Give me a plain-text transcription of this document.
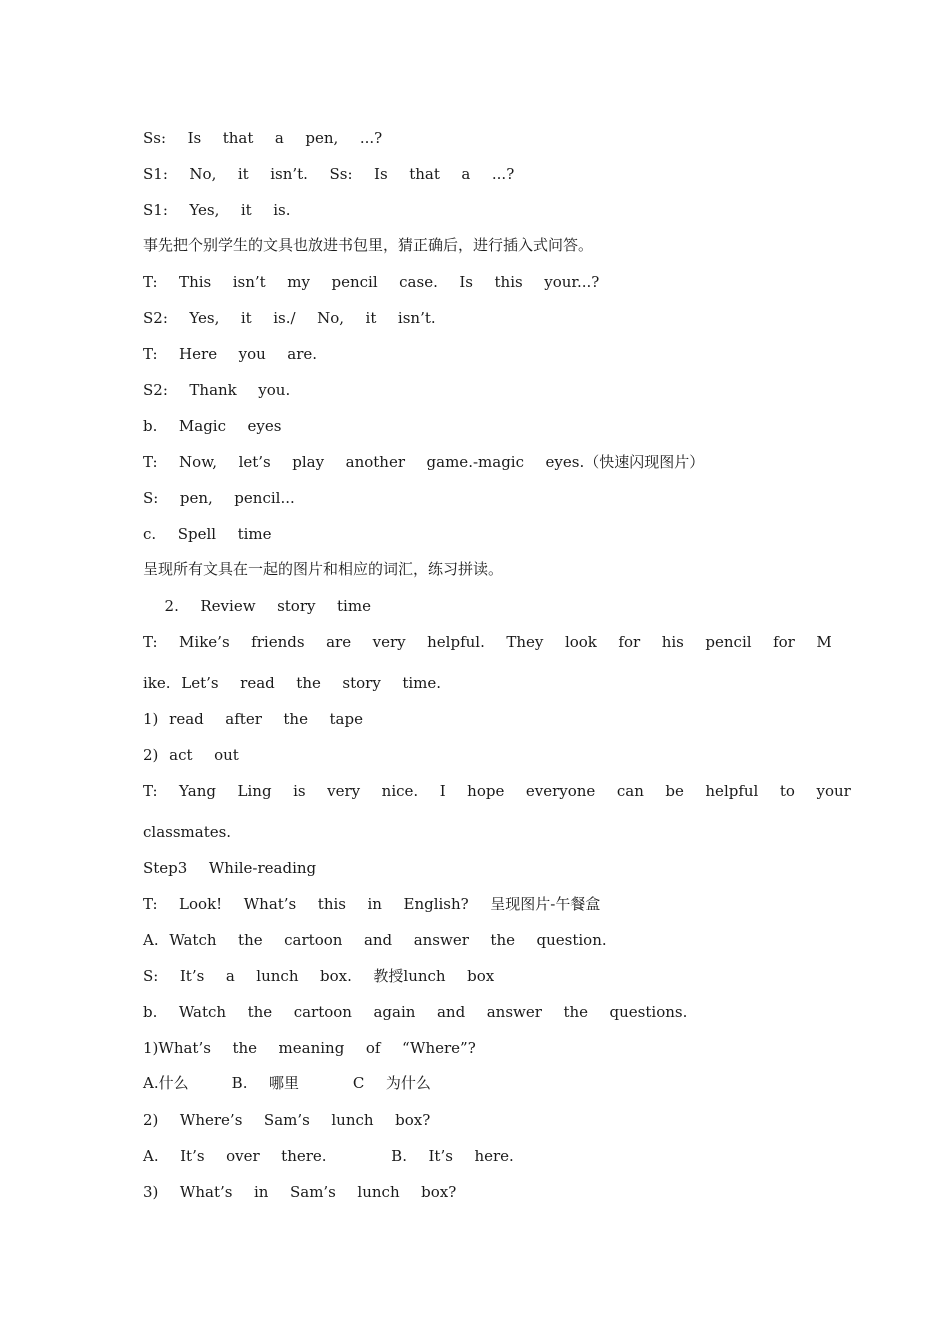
Ss:  Is  that  a  pen,  ...?
S1:  No,  it  isn’t.  Ss:  Is  that  a  ...?
S1:  Yes,  it  is.
事先把个别学生的文具也放进书包里，猜正确后，进行插入式问答。
T:  This  isn’t  my  pencil  case.  Is  this  your...?
S2:  Yes,  it  is./  No,  it  isn’t.
T:  Here  you  are.
S2:  Thank  you.
b.  Magic  eyes
T:  Now,  let’s  play  another  game.-magic  eyes.（快速闪现图片）
S:  pen,  pencil...
c.  Spell  time
呈现所有文具在一起的图片和相应的词汇，练习拼读。
2.  Review  story  time
T:  Mike’s  friends  are  very  helpful.  They  look  for  his  pencil  for  M
ike. Let’s  read  the  story  time.
1) read  after  the  tape
2) act  out
T:  Yang  Ling  is  very  nice.  I  hope  everyone  can  be  helpful  to  your
classmates.
Step3  While-reading
T:  Look!  What’s  this  in  English?  呈现图片-午餐盒
A. Watch  the  cartoon  and  answer  the  question.
S:  It’s  a  lunch  box.  教授lunch  box
b.  Watch  the  cartoon  again  and  answer  the  questions.
1)What’s  the  meaning  of  “Where”?
A.什么    B.  哪里     C  为什么
2)  Where’s  Sam’s  lunch  box?
A.  It’s  over  there.      B.  It’s  here.
3)  What’s  in  Sam’s  lunch  box?
